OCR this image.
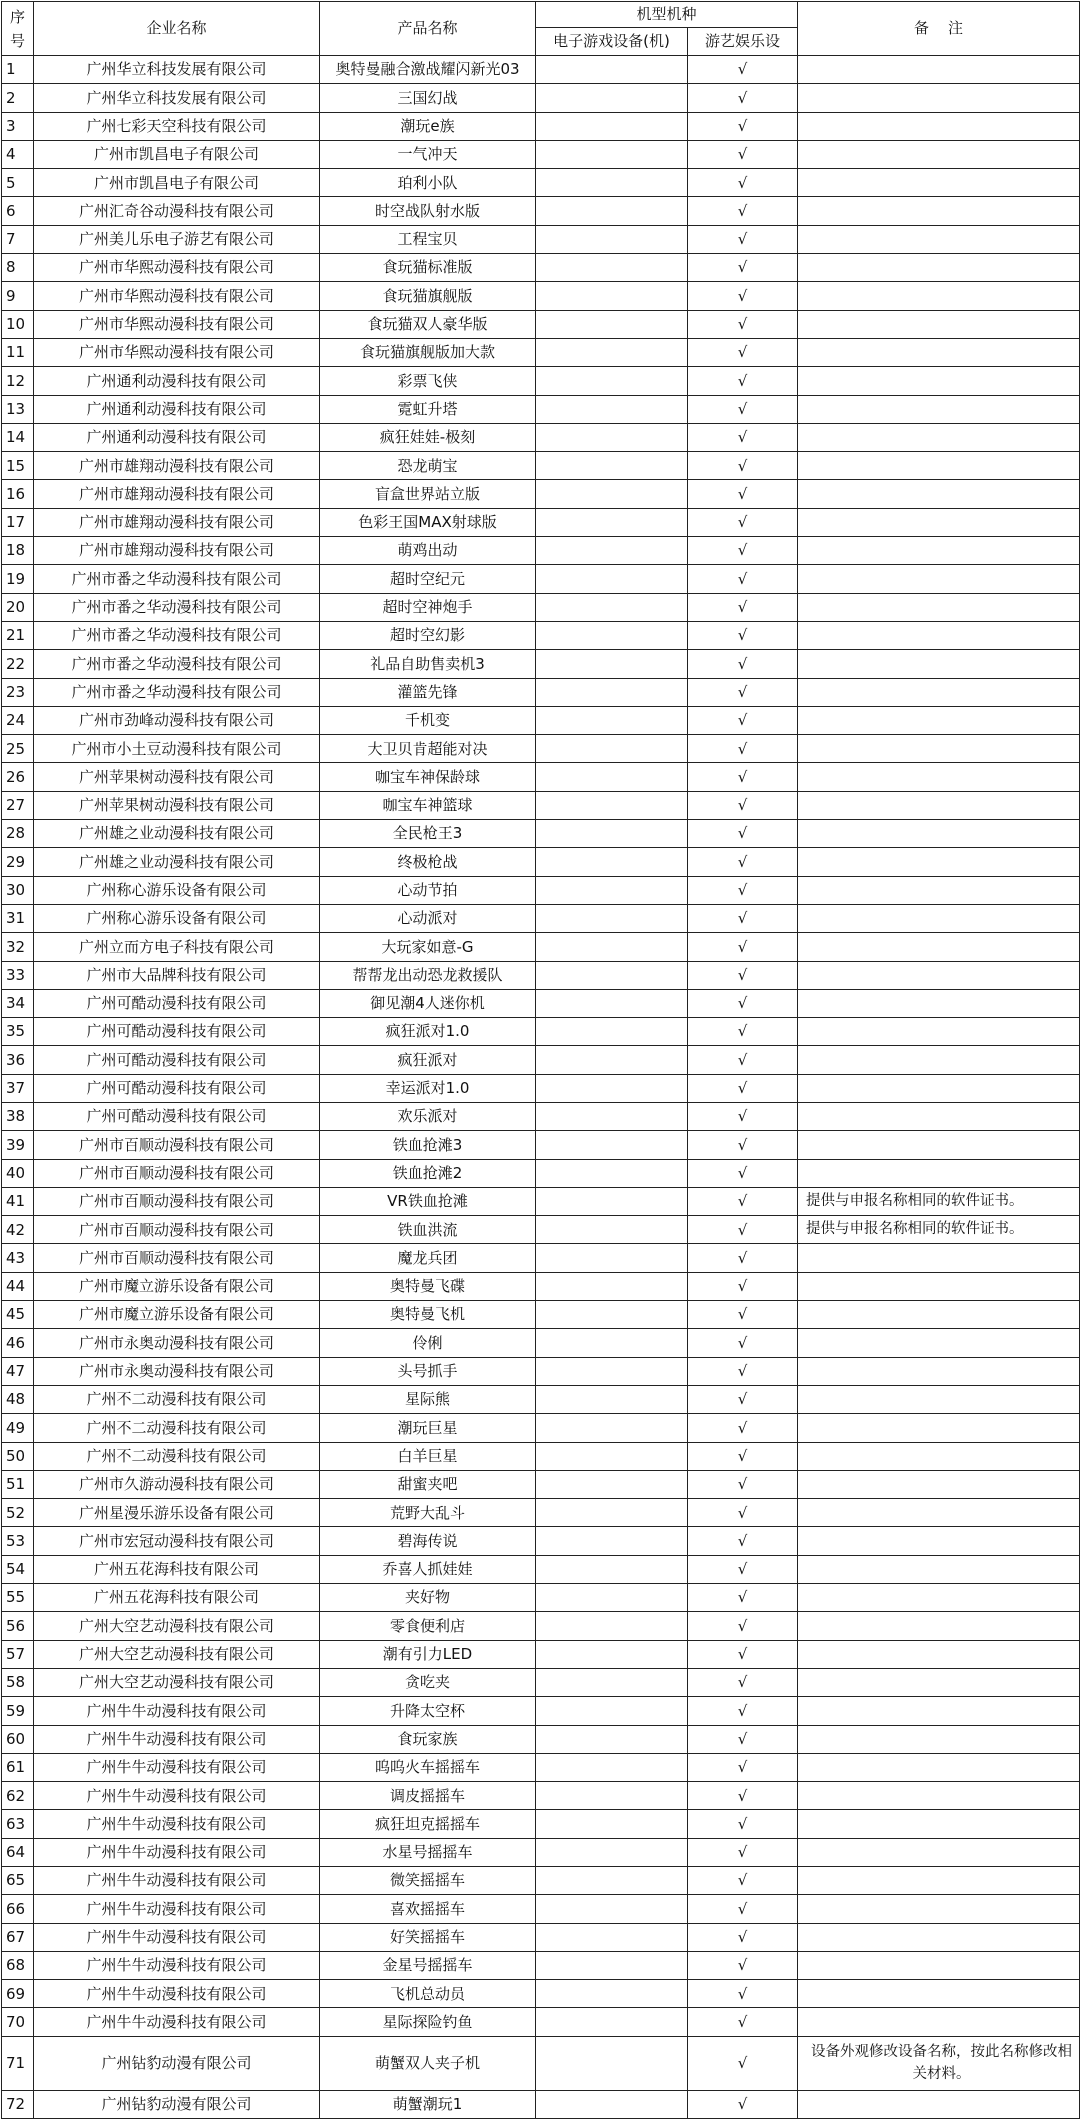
序
号	企业名称	产品名称	机型机种		备    注
			电子游戏设备(机)	游艺娱乐设	
1	广州华立科技发展有限公司	奥特曼融合激战耀闪新光03		√	
2	广州华立科技发展有限公司	三国幻战		√	
3	广州七彩天空科技有限公司	潮玩e族		√	
4	广州市凯昌电子有限公司	一气冲天		√	
5	广州市凯昌电子有限公司	珀利小队		√	
6	广州汇奇谷动漫科技有限公司	时空战队射水版		√	
7	广州美儿乐电子游艺有限公司	工程宝贝		√	
8	广州市华熙动漫科技有限公司	食玩猫标准版		√	
9	广州市华熙动漫科技有限公司	食玩猫旗舰版		√	
10	广州市华熙动漫科技有限公司	食玩猫双人豪华版		√	
11	广州市华熙动漫科技有限公司	食玩猫旗舰版加大款		√	
12	广州通利动漫科技有限公司	彩票飞侠		√	
13	广州通利动漫科技有限公司	霓虹升塔		√	
14	广州通利动漫科技有限公司	疯狂娃娃-极刻		√	
15	广州市雄翔动漫科技有限公司	恐龙萌宝		√	
16	广州市雄翔动漫科技有限公司	盲盒世界站立版		√	
17	广州市雄翔动漫科技有限公司	色彩王国MAX射球版		√	
18	广州市雄翔动漫科技有限公司	萌鸡出动		√	
19	广州市番之华动漫科技有限公司	超时空纪元		√	
20	广州市番之华动漫科技有限公司	超时空神炮手		√	
21	广州市番之华动漫科技有限公司	超时空幻影		√	
22	广州市番之华动漫科技有限公司	礼品自助售卖机3		√	
23	广州市番之华动漫科技有限公司	灌篮先锋		√	
24	广州市劲峰动漫科技有限公司	千机变		√	
25	广州市小土豆动漫科技有限公司	大卫贝肯超能对决		√	
26	广州苹果树动漫科技有限公司	咖宝车神保龄球		√	
27	广州苹果树动漫科技有限公司	咖宝车神篮球		√	
28	广州雄之业动漫科技有限公司	全民枪王3		√	
29	广州雄之业动漫科技有限公司	终极枪战		√	
30	广州称心游乐设备有限公司	心动节拍		√	
31	广州称心游乐设备有限公司	心动派对		√	
32	广州立而方电子科技有限公司	大玩家如意-G		√	
33	广州市大品牌科技有限公司	帮帮龙出动恐龙救援队		√	
34	广州可酷动漫科技有限公司	御见潮4人迷你机		√	
35	广州可酷动漫科技有限公司	疯狂派对1.0		√	
36	广州可酷动漫科技有限公司	疯狂派对		√	
37	广州可酷动漫科技有限公司	幸运派对1.0		√	
38	广州可酷动漫科技有限公司	欢乐派对		√	
39	广州市百顺动漫科技有限公司	铁血抢滩3		√	
40	广州市百顺动漫科技有限公司	铁血抢滩2		√	
41	广州市百顺动漫科技有限公司	VR铁血抢滩		√	提供与申报名称相同的软件证书。
42	广州市百顺动漫科技有限公司	铁血洪流		√	提供与申报名称相同的软件证书。
43	广州市百顺动漫科技有限公司	魔龙兵团		√	
44	广州市魔立游乐设备有限公司	奥特曼飞碟		√	
45	广州市魔立游乐设备有限公司	奥特曼飞机		√	
46	广州市永奥动漫科技有限公司	伶俐		√	
47	广州市永奥动漫科技有限公司	头号抓手		√	
48	广州不二动漫科技有限公司	星际熊		√	
49	广州不二动漫科技有限公司	潮玩巨星		√	
50	广州不二动漫科技有限公司	白羊巨星		√	
51	广州市久游动漫科技有限公司	甜蜜夹吧		√	
52	广州星漫乐游乐设备有限公司	荒野大乱斗		√	
53	广州市宏冠动漫科技有限公司	碧海传说		√	
54	广州五花海科技有限公司	乔喜人抓娃娃		√	
55	广州五花海科技有限公司	夹好物		√	
56	广州大空艺动漫科技有限公司	零食便利店		√	
57	广州大空艺动漫科技有限公司	潮有引力LED		√	
58	广州大空艺动漫科技有限公司	贪吃夹		√	
59	广州牛牛动漫科技有限公司	升降太空杯		√	
60	广州牛牛动漫科技有限公司	食玩家族		√	
61	广州牛牛动漫科技有限公司	呜呜火车摇摇车		√	
62	广州牛牛动漫科技有限公司	调皮摇摇车		√	
63	广州牛牛动漫科技有限公司	疯狂坦克摇摇车		√	
64	广州牛牛动漫科技有限公司	水星号摇摇车		√	
65	广州牛牛动漫科技有限公司	微笑摇摇车		√	
66	广州牛牛动漫科技有限公司	喜欢摇摇车		√	
67	广州牛牛动漫科技有限公司	好笑摇摇车		√	
68	广州牛牛动漫科技有限公司	金星号摇摇车		√	
69	广州牛牛动漫科技有限公司	飞机总动员		√	
70	广州牛牛动漫科技有限公司	星际探险钓鱼		√	
71	广州钻豹动漫有限公司	萌蟹双人夹子机		√	设备外观修改设备名称，按此名称修改相关材料。
72	广州钻豹动漫有限公司	萌蟹潮玩1		√	
